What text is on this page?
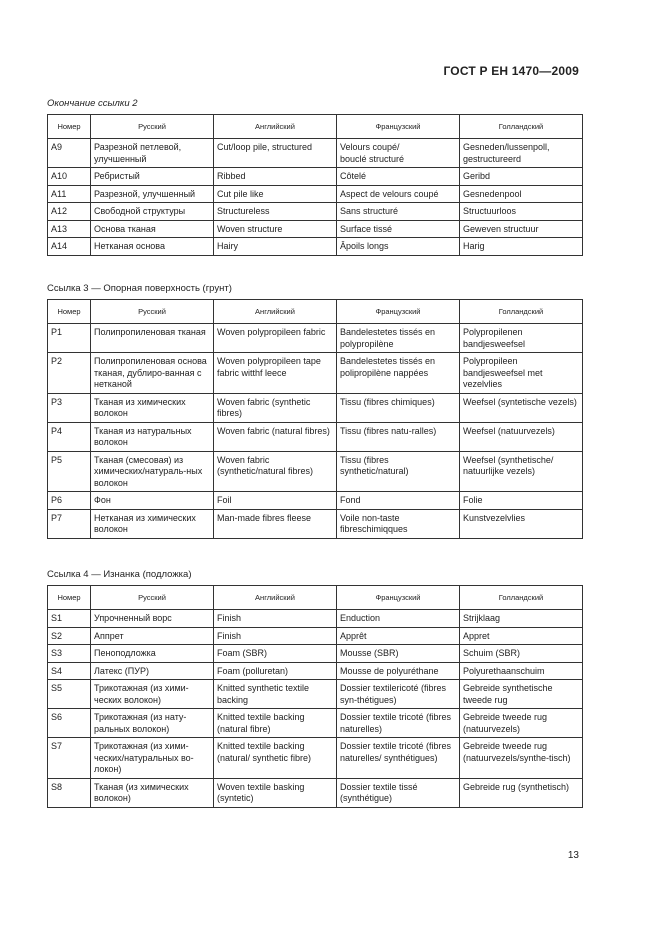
ГОСТ Р ЕН 1470—2009
Окончание ссылки 2
Номер	Русский	Английский	Французский	Голландский
A9	Разрезной петлевой, улучшенный	Cut/loop pile, structured	Velours coupé/
bouclé structuré	Gesneden/lussenpoll, gestructureerd
A10	Ребристый	Ribbed	Côtelé	Geribd
A11	Разрезной, улучшенный	Cut pile like	Aspect de velours coupé	Gesnedenpool
A12	Свободной структуры	Structureless	Sans structuré	Structuurloos
A13	Основа тканая	Woven structure	Surface tissé	Geweven structuur
A14	Нетканая основа	Hairy	Âpoils longs	Harig
Ссылка 3 — Опорная поверхность (грунт)
Номер	Русский	Английский	Французский	Голландский
P1	Полипропиленовая тканая	Woven polypropileen fabric	Bandelestetes tissés en polypropilène	Polypropilenen bandjesweefsel
P2	Полипропиленовая основа тканая, дублиро-ванная с нетканой	Woven polypropileen tape fabric witthf leece	Bandelestetes tissés en polipropilène nappées	Polypropileen bandjesweefsel met vezelvlies
P3	Тканая из химических волокон	Woven fabric (synthetic fibres)	Tissu (fibres chimiques)	Weefsel (syntetische vezels)
P4	Тканая из натуральных волокон	Woven fabric (natural fibres)	Tissu (fibres natu-ralles)	Weefsel (natuurvezels)
P5	Тканая (смесовая) из химических/натураль-ных волокон	Woven fabric (synthetic/natural fibres)	Tissu (fibres synthetic/natural)	Weefsel (synthetische/ natuurlijke vezels)
P6	Фон	Foil	Fond	Folie
P7	Нетканая из химических волокон	Man-made fibres fleese	Voile non-taste fibreschimiqques	Kunstvezelvlies
Ссылка 4 — Изнанка (подложка)
Номер	Русский	Английский	Французский	Голландский
S1	Упрочненный ворс	Finish	Enduction	Strijklaag
S2	Аппрет	Finish	Apprêt	Appret
S3	Пеноподложка	Foam (SBR)	Mousse (SBR)	Schuim (SBR)
S4	Латекс (ПУР)	Foam (polluretan)	Mousse de polyuréthane	Polyurethaanschuim
S5	Трикотажная (из хими-ческих волокон)	Knitted synthetic textile backing	Dossier textilericoté (fibres syn-thétigues)	Gebreide synthetische tweede rug
S6	Трикотажная (из нату-ральных волокон)	Knitted textile backing (natural fibre)	Dossier textile tricoté (fibres naturelles)	Gebreide tweede rug (natuurvezels)
S7	Трикотажная (из хими-ческих/натуральных во-локон)	Knitted textile backing (natural/ synthetic fibre)	Dossier textile tricoté (fibres naturelles/ synthétigues)	Gebreide tweede rug (natuurvezels/synthe-tisch)
S8	Тканая (из химических волокон)	Woven textile basking (syntetic)	Dossier textile tissé (synthétigue)	Gebreide rug (synthetisch)
13
